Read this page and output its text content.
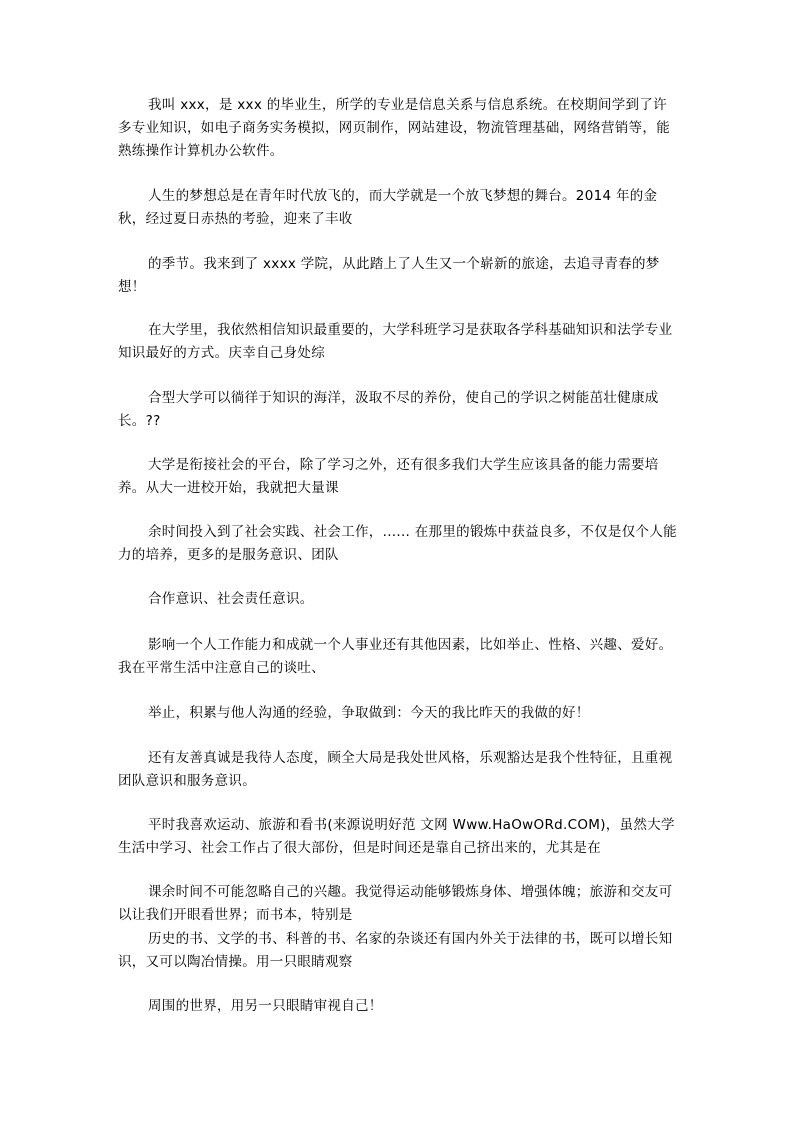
我叫 xxx，是 xxx 的毕业生，所学的专业是信息关系与信息系统。在校期间学到了许多专业知识，如电子商务实务模拟，网页制作，网站建设，物流管理基础，网络营销等，能熟练操作计算机办公软件。

人生的梦想总是在青年时代放飞的，而大学就是一个放飞梦想的舞台。2014 年的金秋，经过夏日赤热的考验，迎来了丰收

的季节。我来到了 xxxx 学院，从此踏上了人生又一个崭新的旅途，去追寻青春的梦想！

在大学里，我依然相信知识最重要的，大学科班学习是获取各学科基础知识和法学专业知识最好的方式。庆幸自己身处综

合型大学可以徜徉于知识的海洋，汲取不尽的养份，使自己的学识之树能茁壮健康成长。??

大学是衔接社会的平台，除了学习之外，还有很多我们大学生应该具备的能力需要培养。从大一进校开始，我就把大量课

余时间投入到了社会实践、社会工作，...... 在那里的锻炼中获益良多，不仅是仅个人能力的培养，更多的是服务意识、团队

合作意识、社会责任意识。

影响一个人工作能力和成就一个人事业还有其他因素，比如举止、性格、兴趣、爱好。我在平常生活中注意自己的谈吐、

举止，积累与他人沟通的经验，争取做到：今天的我比昨天的我做的好！

还有友善真诚是我待人态度，顾全大局是我处世风格，乐观豁达是我个性特征，且重视团队意识和服务意识。

平时我喜欢运动、旅游和看书(来源说明好范 文网 Www.HaOwORd.COM)，虽然大学生活中学习、社会工作占了很大部份，但是时间还是靠自己挤出来的，尤其是在

课余时间不可能忽略自己的兴趣。我觉得运动能够锻炼身体、增强体魄；旅游和交友可以让我们开眼看世界；而书本，特别是

历史的书、文学的书、科普的书、名家的杂谈还有国内外关于法律的书，既可以增长知识，又可以陶冶情操。用一只眼睛观察

周围的世界，用另一只眼睛审视自己！
